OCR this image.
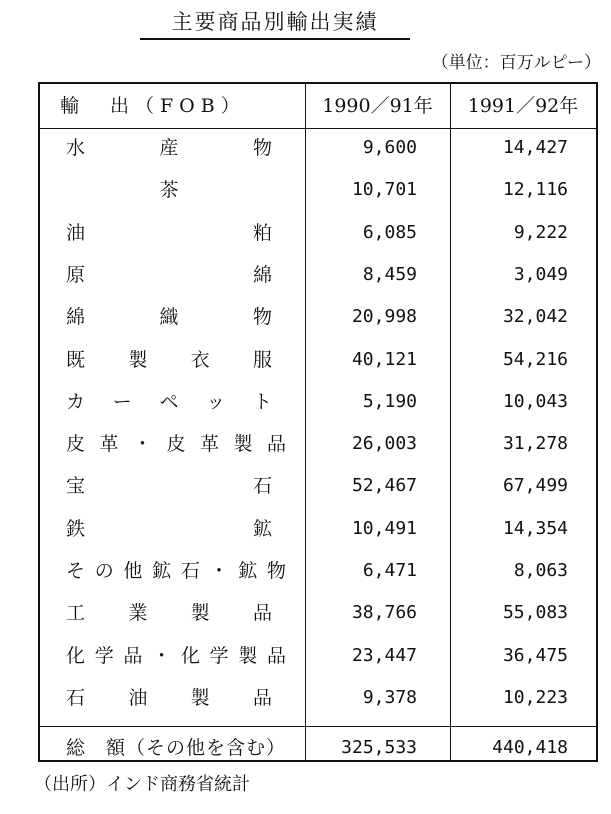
主要商品別輸出実績
（単位：百万ルピー）
輸　出（FOB）	1990／91年	1991／92年
水産物	9,600	14,427
茶	10,701	12,116
油粕	6,085	9,222
原綿	8,459	3,049
綿織物	20,998	32,042
既製衣服	40,121	54,216
カーペット	5,190	10,043
皮革・皮革製品	26,003	31,278
宝石	52,467	67,499
鉄鉱	10,491	14,354
その他鉱石・鉱物	6,471	8,063
工業製品	38,766	55,083
化学品・化学製品	23,447	36,475
石油製品	9,378	10,223
総　額（その他を含む）	325,533	440,418
（出所）インド商務省統計
